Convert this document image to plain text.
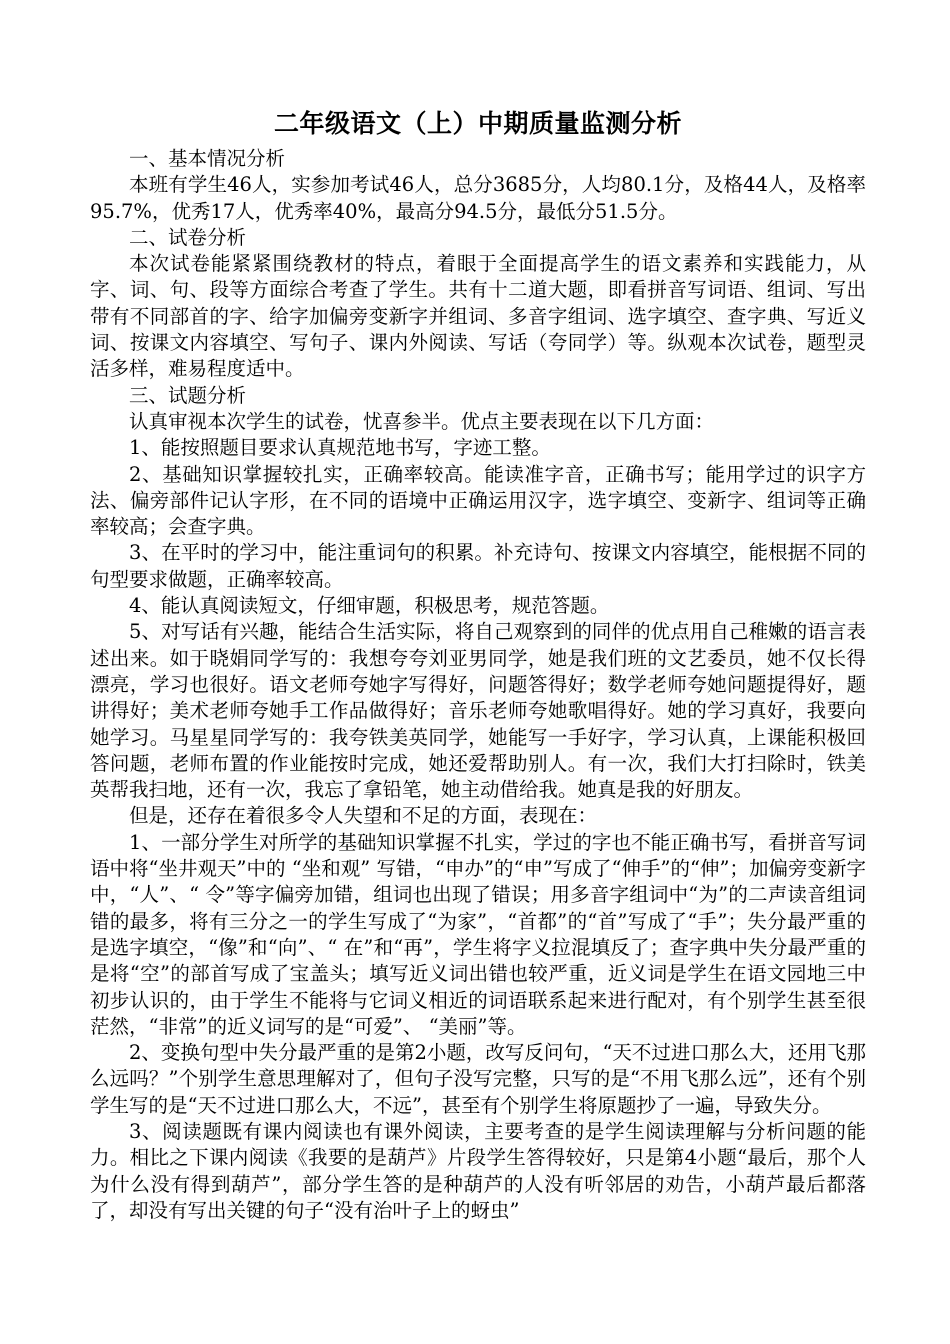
二年级语文（上）中期质量监测分析

一、基本情况分析

本班有学生46人，实参加考试46人，总分3685分，人均80.1分，及格44人，及格率95.7%，优秀17人，优秀率40%，最高分94.5分，最低分51.5分。

二、试卷分析

本次试卷能紧紧围绕教材的特点，着眼于全面提高学生的语文素养和实践能力，从字、词、句、段等方面综合考查了学生。共有十二道大题，即看拼音写词语、组词、写出带有不同部首的字、给字加偏旁变新字并组词、多音字组词、选字填空、查字典、写近义词、按课文内容填空、写句子、课内外阅读、写话（夸同学）等。纵观本次试卷，题型灵活多样，难易程度适中。

三、试题分析

认真审视本次学生的试卷，忧喜参半。优点主要表现在以下几方面：

1、能按照题目要求认真规范地书写，字迹工整。

2、基础知识掌握较扎实，正确率较高。能读准字音，正确书写；能用学过的识字方法、偏旁部件记认字形，在不同的语境中正确运用汉字，选字填空、变新字、组词等正确率较高；会查字典。

3、在平时的学习中，能注重词句的积累。补充诗句、按课文内容填空，能根据不同的句型要求做题，正确率较高。

4、能认真阅读短文，仔细审题，积极思考，规范答题。

5、对写话有兴趣，能结合生活实际，将自己观察到的同伴的优点用自己稚嫩的语言表述出来。如于晓娟同学写的：我想夸夸刘亚男同学，她是我们班的文艺委员，她不仅长得漂亮，学习也很好。语文老师夸她字写得好，问题答得好；数学老师夸她问题提得好，题讲得好；美术老师夸她手工作品做得好；音乐老师夸她歌唱得好。她的学习真好，我要向她学习。马星星同学写的：我夸铁美英同学，她能写一手好字，学习认真，上课能积极回答问题，老师布置的作业能按时完成，她还爱帮助别人。有一次，我们大打扫除时，铁美英帮我扫地，还有一次，我忘了拿铅笔，她主动借给我。她真是我的好朋友。

但是，还存在着很多令人失望和不足的方面，表现在：

1、一部分学生对所学的基础知识掌握不扎实，学过的字也不能正确书写，看拼音写词语中将“坐井观天”中的 “坐和观” 写错，“申办”的“申”写成了“伸手”的“伸”；加偏旁变新字中，“人”、“ 令”等字偏旁加错，组词也出现了错误；用多音字组词中“为”的二声读音组词错的最多，将有三分之一的学生写成了“为家”，“首都”的“首”写成了“手”；失分最严重的是选字填空，“像”和“向”、“ 在”和“再”，学生将字义拉混填反了；查字典中失分最严重的是将“空”的部首写成了宝盖头；填写近义词出错也较严重，近义词是学生在语文园地三中初步认识的，由于学生不能将与它词义相近的词语联系起来进行配对，有个别学生甚至很茫然，“非常”的近义词写的是“可爱”、 “美丽”等。

2、变换句型中失分最严重的是第2小题，改写反问句，“天不过进口那么大，还用飞那么远吗？”个别学生意思理解对了，但句子没写完整，只写的是“不用飞那么远”，还有个别学生写的是“天不过进口那么大，不远”，甚至有个别学生将原题抄了一遍，导致失分。

3、阅读题既有课内阅读也有课外阅读，主要考查的是学生阅读理解与分析问题的能力。相比之下课内阅读《我要的是葫芦》片段学生答得较好，只是第4小题“最后，那个人为什么没有得到葫芦”，部分学生答的是种葫芦的人没有听邻居的劝告，小葫芦最后都落了，却没有写出关键的句子“没有治叶子上的蚜虫”
